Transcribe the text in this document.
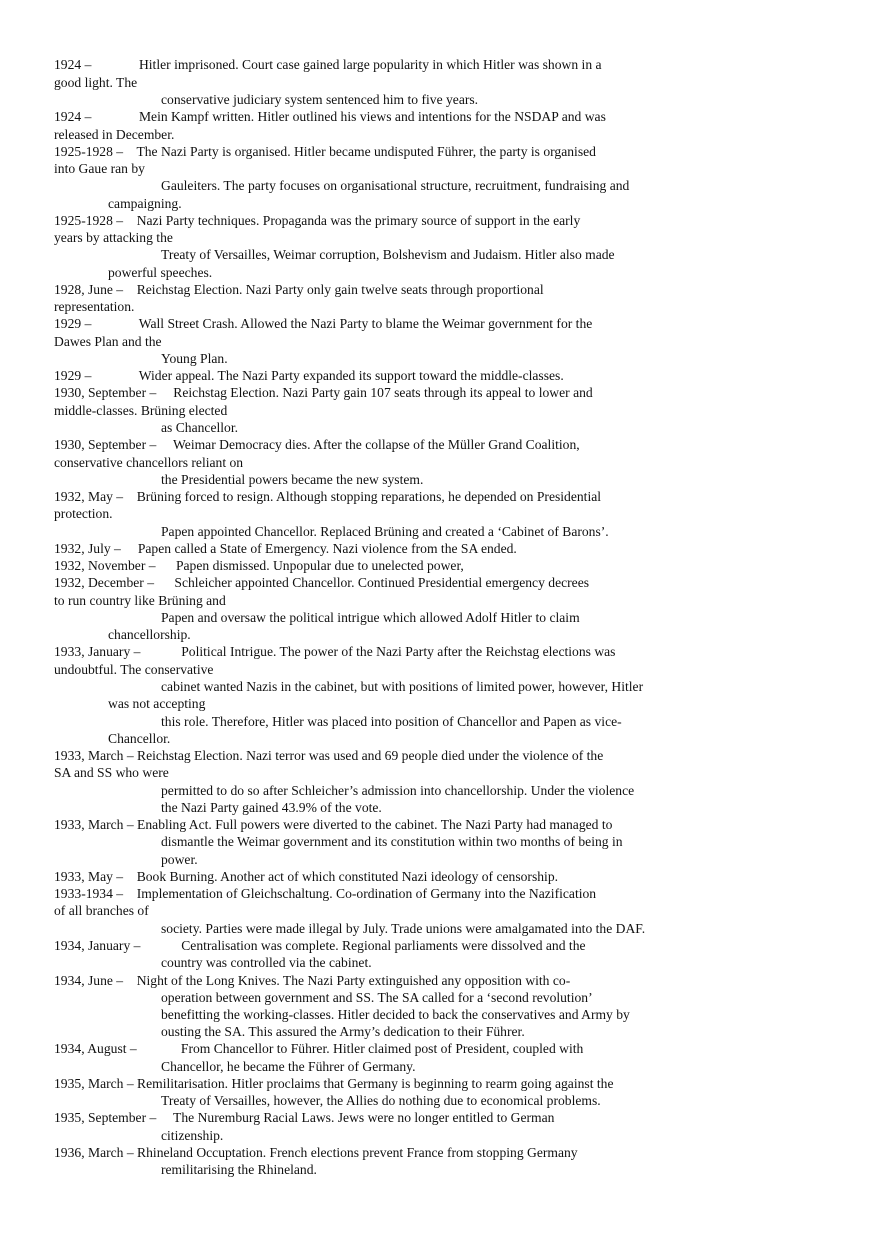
1924 –              Hitler imprisoned. Court case gained large popularity in which Hitler was shown in a
good light. The
conservative judiciary system sentenced him to five years.
1924 –              Mein Kampf written. Hitler outlined his views and intentions for the NSDAP and was
released in December.
1925-1928 –    The Nazi Party is organised. Hitler became undisputed Führer, the party is organised
into Gaue ran by
Gauleiters. The party focuses on organisational structure, recruitment, fundraising and
campaigning.
1925-1928 –    Nazi Party techniques. Propaganda was the primary source of support in the early
years by attacking the
Treaty of Versailles, Weimar corruption, Bolshevism and Judaism. Hitler also made
powerful speeches.
1928, June –    Reichstag Election. Nazi Party only gain twelve seats through proportional
representation.
1929 –              Wall Street Crash. Allowed the Nazi Party to blame the Weimar government for the
Dawes Plan and the
Young Plan.
1929 –              Wider appeal. The Nazi Party expanded its support toward the middle-classes.
1930, September –     Reichstag Election. Nazi Party gain 107 seats through its appeal to lower and
middle-classes. Brüning elected
as Chancellor.
1930, September –     Weimar Democracy dies. After the collapse of the Müller Grand Coalition,
conservative chancellors reliant on
the Presidential powers became the new system.
1932, May –    Brüning forced to resign. Although stopping reparations, he depended on Presidential
protection.
Papen appointed Chancellor. Replaced Brüning and created a ‘Cabinet of Barons’.
1932, July –     Papen called a State of Emergency. Nazi violence from the SA ended.
1932, November –      Papen dismissed. Unpopular due to unelected power,
1932, December –      Schleicher appointed Chancellor. Continued Presidential emergency decrees
to run country like Brüning and
Papen and oversaw the political intrigue which allowed Adolf Hitler to claim
chancellorship.
1933, January –            Political Intrigue. The power of the Nazi Party after the Reichstag elections was
undoubtful. The conservative
cabinet wanted Nazis in the cabinet, but with positions of limited power, however, Hitler
was not accepting
this role. Therefore, Hitler was placed into position of Chancellor and Papen as vice-
Chancellor.
1933, March – Reichstag Election. Nazi terror was used and 69 people died under the violence of the
SA and SS who were
permitted to do so after Schleicher’s admission into chancellorship. Under the violence
the Nazi Party gained 43.9% of the vote.
1933, March – Enabling Act. Full powers were diverted to the cabinet. The Nazi Party had managed to
dismantle the Weimar government and its constitution within two months of being in
power.
1933, May –    Book Burning. Another act of which constituted Nazi ideology of censorship.
1933-1934 –    Implementation of Gleichschaltung. Co-ordination of Germany into the Nazification
of all branches of
society. Parties were made illegal by July. Trade unions were amalgamated into the DAF.
1934, January –            Centralisation was complete. Regional parliaments were dissolved and the
country was controlled via the cabinet.
1934, June –    Night of the Long Knives. The Nazi Party extinguished any opposition with co-
operation between government and SS. The SA called for a ‘second revolution’
benefitting the working-classes. Hitler decided to back the conservatives and Army by
ousting the SA. This assured the Army’s dedication to their Führer.
1934, August –             From Chancellor to Führer. Hitler claimed post of President, coupled with
Chancellor, he became the Führer of Germany.
1935, March – Remilitarisation. Hitler proclaims that Germany is beginning to rearm going against the
Treaty of Versailles, however, the Allies do nothing due to economical problems.
1935, September –     The Nuremburg Racial Laws. Jews were no longer entitled to German
citizenship.
1936, March – Rhineland Occuptation. French elections prevent France from stopping Germany
remilitarising the Rhineland.
